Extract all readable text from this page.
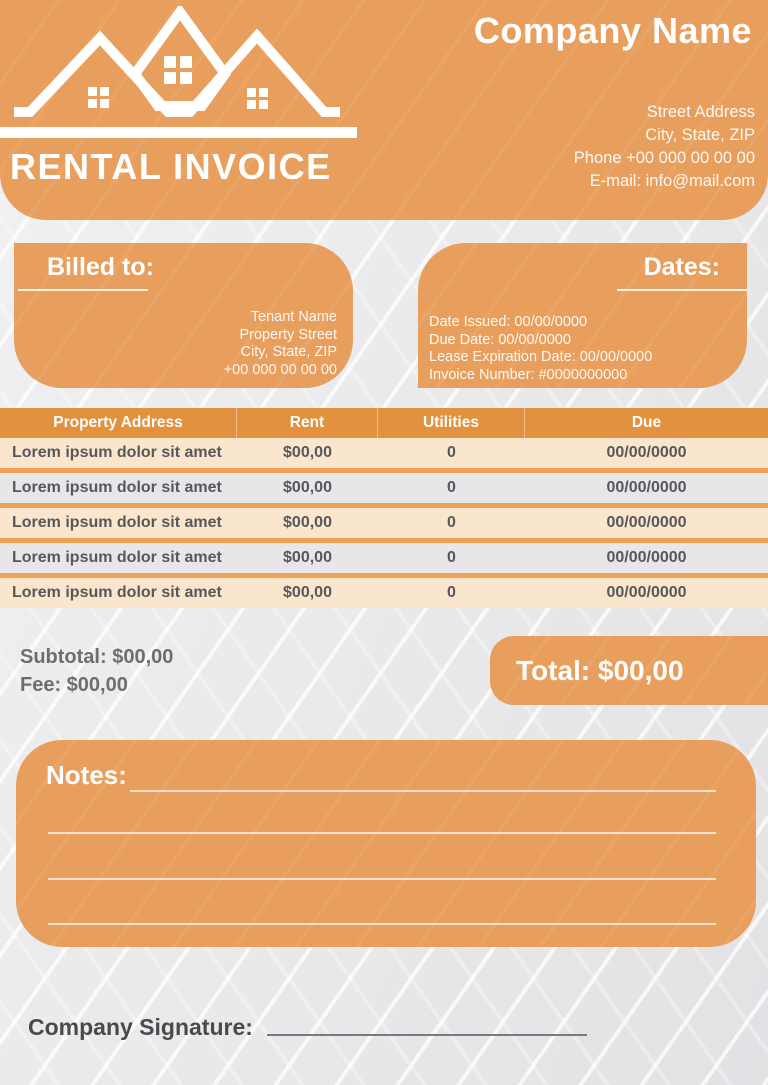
RENTAL INVOICE
Company Name
Street Address
City, State, ZIP
Phone +00 000 00 00 00
E-mail: info@mail.com
Billed to:
Tenant Name
Property Street
City, State, ZIP
+00 000 00 00 00
Dates:
Date Issued: 00/00/0000
Due Date: 00/00/0000
Lease Expiration Date: 00/00/0000
Invoice Number: #0000000000
Property Address	Rent	Utilities	Due
Lorem ipsum dolor sit amet	$00,00	0	00/00/0000
Lorem ipsum dolor sit amet	$00,00	0	00/00/0000
Lorem ipsum dolor sit amet	$00,00	0	00/00/0000
Lorem ipsum dolor sit amet	$00,00	0	00/00/0000
Lorem ipsum dolor sit amet	$00,00	0	00/00/0000
Subtotal: $00,00
Fee: $00,00	Total: $00,00
Notes:
Company Signature:
